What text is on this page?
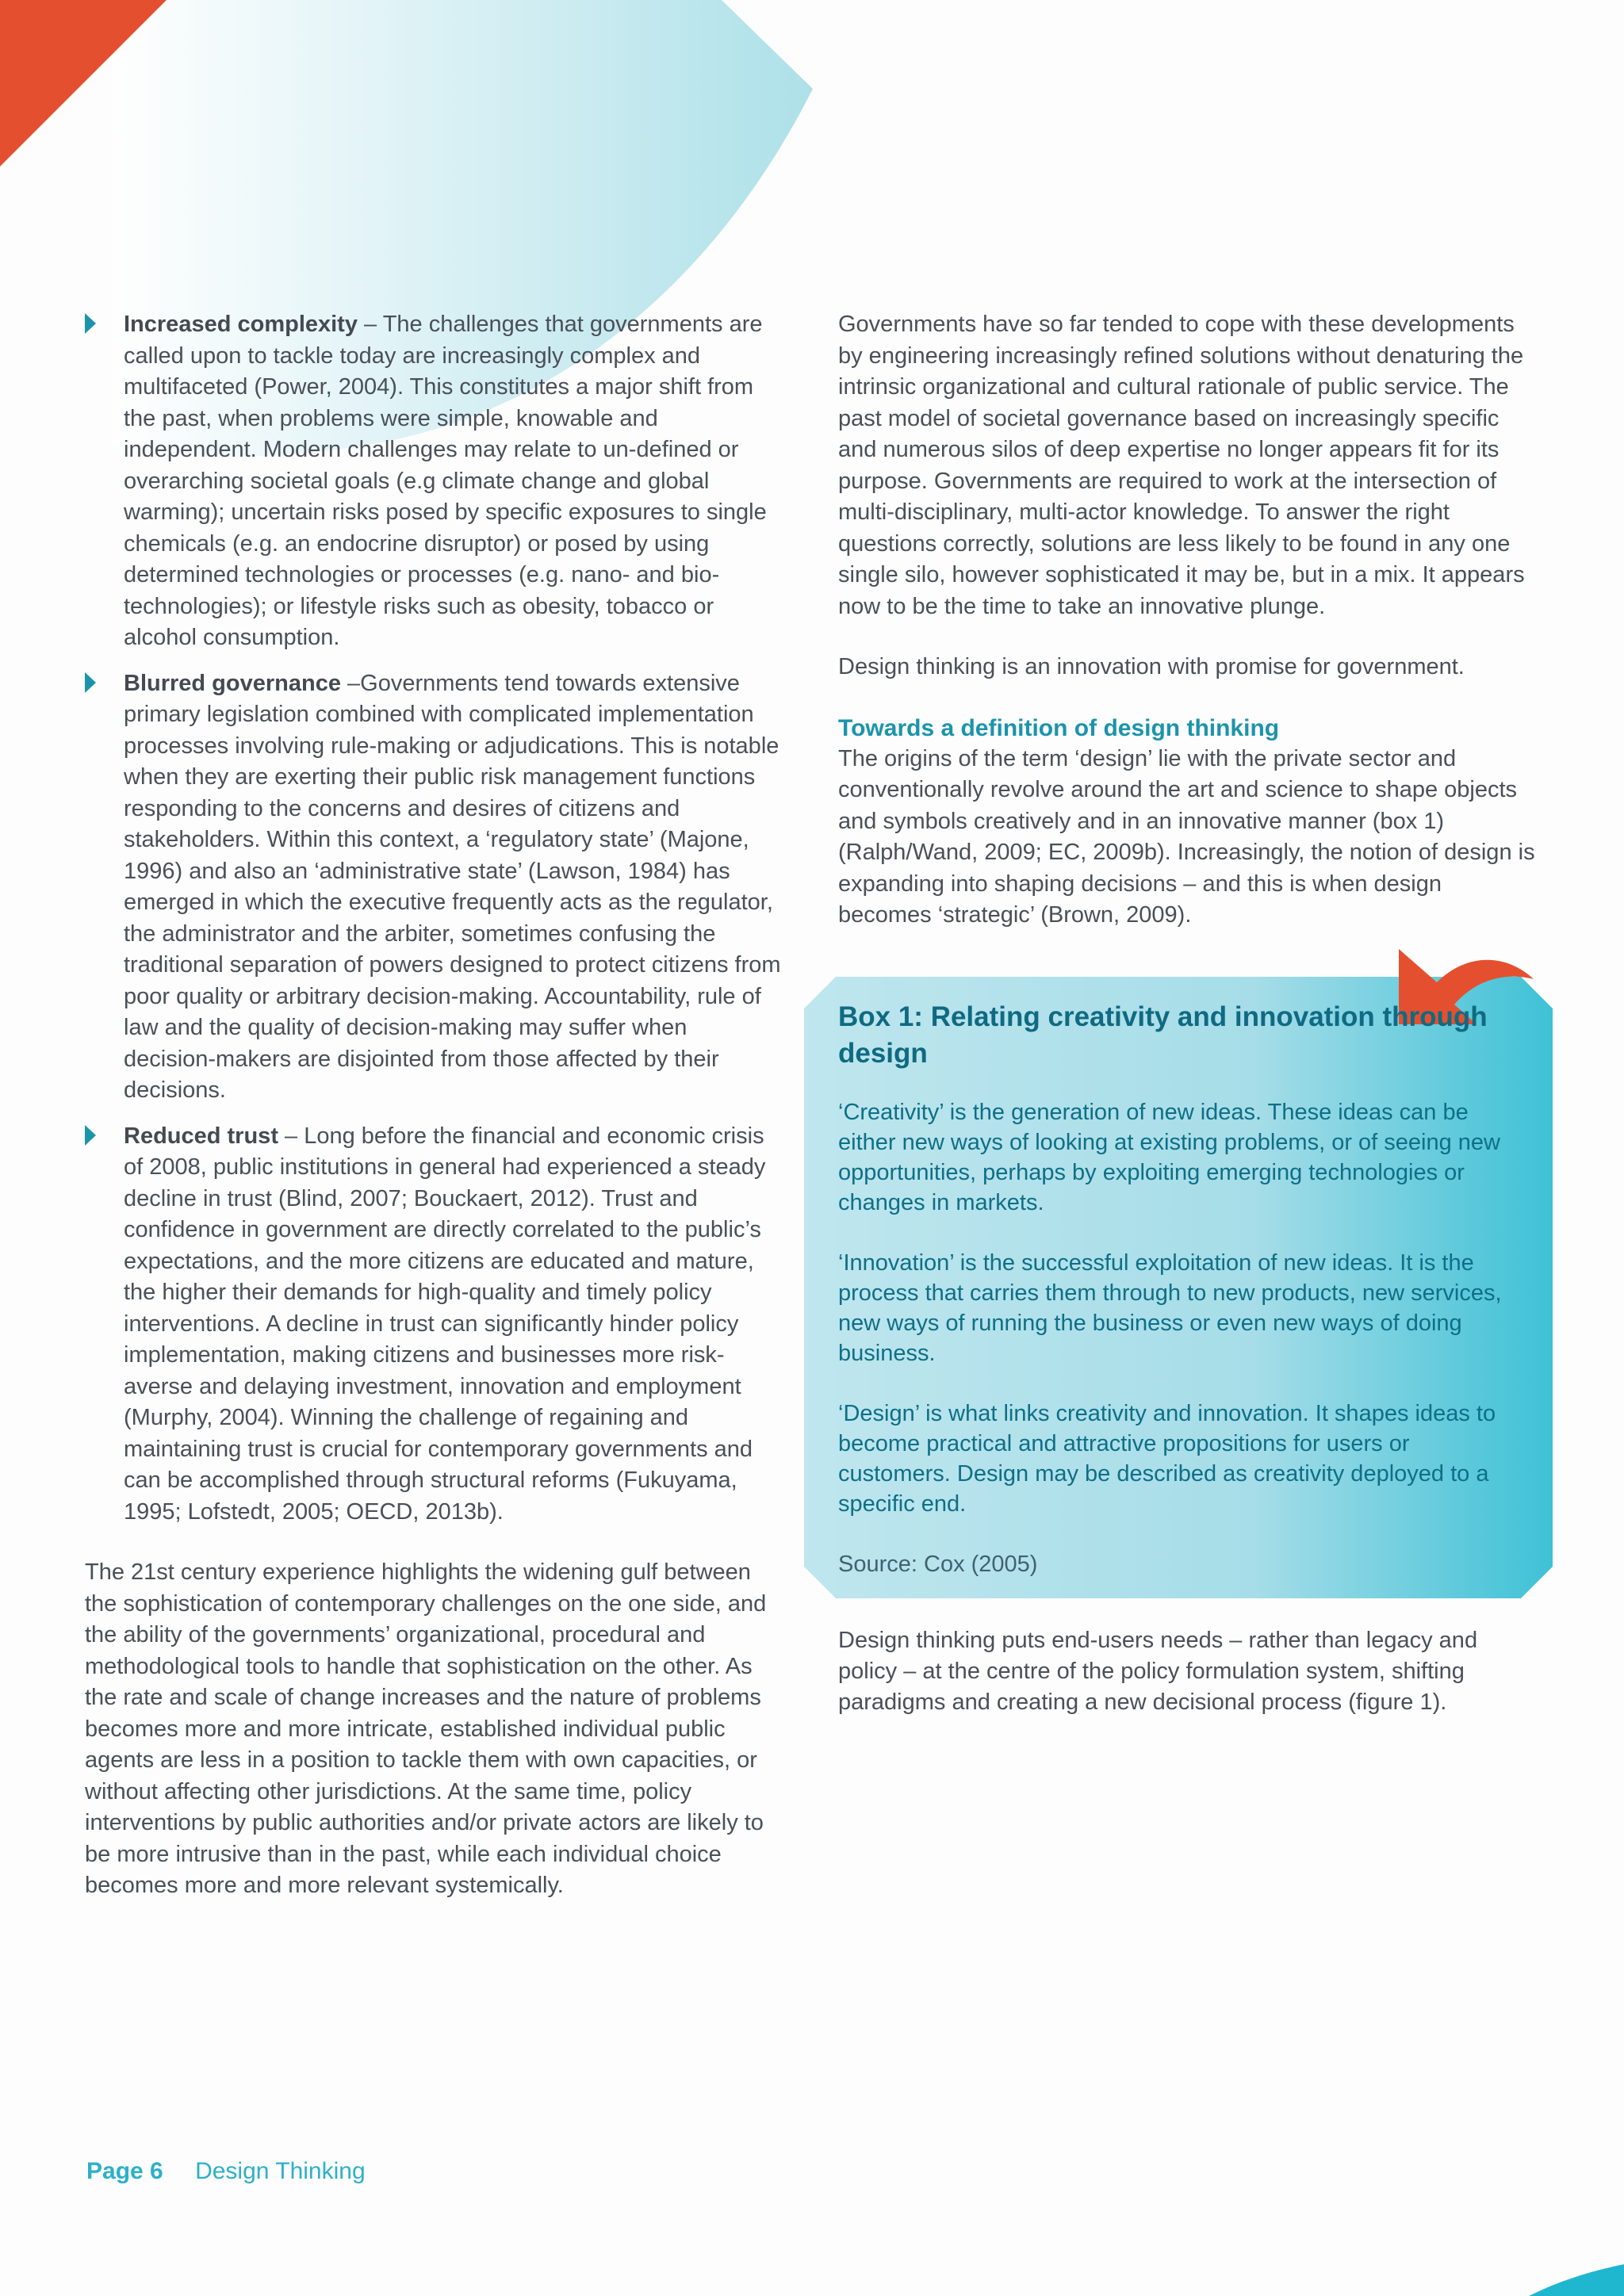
Increased complexity – The challenges that governments are called upon to tackle today are increasingly complex and multifaceted (Power, 2004). This constitutes a major shift from the past, when problems were simple, knowable and independent. Modern challenges may relate to un-defined or overarching societal goals (e.g climate change and global warming); uncertain risks posed by specific exposures to single chemicals (e.g. an endocrine disruptor) or posed by using determined technologies or processes (e.g. nano- and bio-technologies); or lifestyle risks such as obesity, tobacco or alcohol consumption.
Blurred governance –Governments tend towards extensive primary legislation combined with complicated implementation processes involving rule-making or adjudications. This is notable when they are exerting their public risk management functions responding to the concerns and desires of citizens and stakeholders. Within this context, a ‘regulatory state’ (Majone, 1996) and also an ‘administrative state’ (Lawson, 1984) has emerged in which the executive frequently acts as the regulator, the administrator and the arbiter, sometimes confusing the traditional separation of powers designed to protect citizens from poor quality or arbitrary decision-making. Accountability, rule of law and the quality of decision-making may suffer when decision-makers are disjointed from those affected by their decisions.
Reduced trust – Long before the financial and economic crisis of 2008, public institutions in general had experienced a steady decline in trust (Blind, 2007; Bouckaert, 2012). Trust and confidence in government are directly correlated to the public’s expectations, and the more citizens are educated and mature, the higher their demands for high-quality and timely policy interventions. A decline in trust can significantly hinder policy implementation, making citizens and businesses more risk-averse and delaying investment, innovation and employment (Murphy, 2004). Winning the challenge of regaining and maintaining trust is crucial for contemporary governments and can be accomplished through structural reforms (Fukuyama, 1995; Lofstedt, 2005; OECD, 2013b).

The 21st century experience highlights the widening gulf between the sophistication of contemporary challenges on the one side, and the ability of the governments’ organizational, procedural and methodological tools to handle that sophistication on the other. As the rate and scale of change increases and the nature of problems becomes more and more intricate, established individual public agents are less in a position to tackle them with own capacities, or without affecting other jurisdictions. At the same time, policy interventions by public authorities and/or private actors are likely to be more intrusive than in the past, while each individual choice becomes more and more relevant systemically.

Governments have so far tended to cope with these developments by engineering increasingly refined solutions without denaturing the intrinsic organizational and cultural rationale of public service. The past model of societal governance based on increasingly specific and numerous silos of deep expertise no longer appears fit for its purpose. Governments are required to work at the intersection of multi-disciplinary, multi-actor knowledge. To answer the right questions correctly, solutions are less likely to be found in any one single silo, however sophisticated it may be, but in a mix. It appears now to be the time to take an innovative plunge.

Design thinking is an innovation with promise for government.

Towards a definition of design thinking

The origins of the term ‘design’ lie with the private sector and conventionally revolve around the art and science to shape objects and symbols creatively and in an innovative manner (box 1) (Ralph/Wand, 2009; EC, 2009b). Increasingly, the notion of design is expanding into shaping decisions – and this is when design becomes ‘strategic’ (Brown, 2009).

Box 1: Relating creativity and innovation through design

‘Creativity’ is the generation of new ideas. These ideas can be either new ways of looking at existing problems, or of seeing new opportunities, perhaps by exploiting emerging technologies or changes in markets.

‘Innovation’ is the successful exploitation of new ideas. It is the process that carries them through to new products, new services, new ways of running the business or even new ways of doing business.

‘Design’ is what links creativity and innovation. It shapes ideas to become practical and attractive propositions for users or customers. Design may be described as creativity deployed to a specific end.

Source: Cox (2005)

Design thinking puts end-users needs – rather than legacy and policy – at the centre of the policy formulation system, shifting paradigms and creating a new decisional process (figure 1).

Page 6 Design Thinking
